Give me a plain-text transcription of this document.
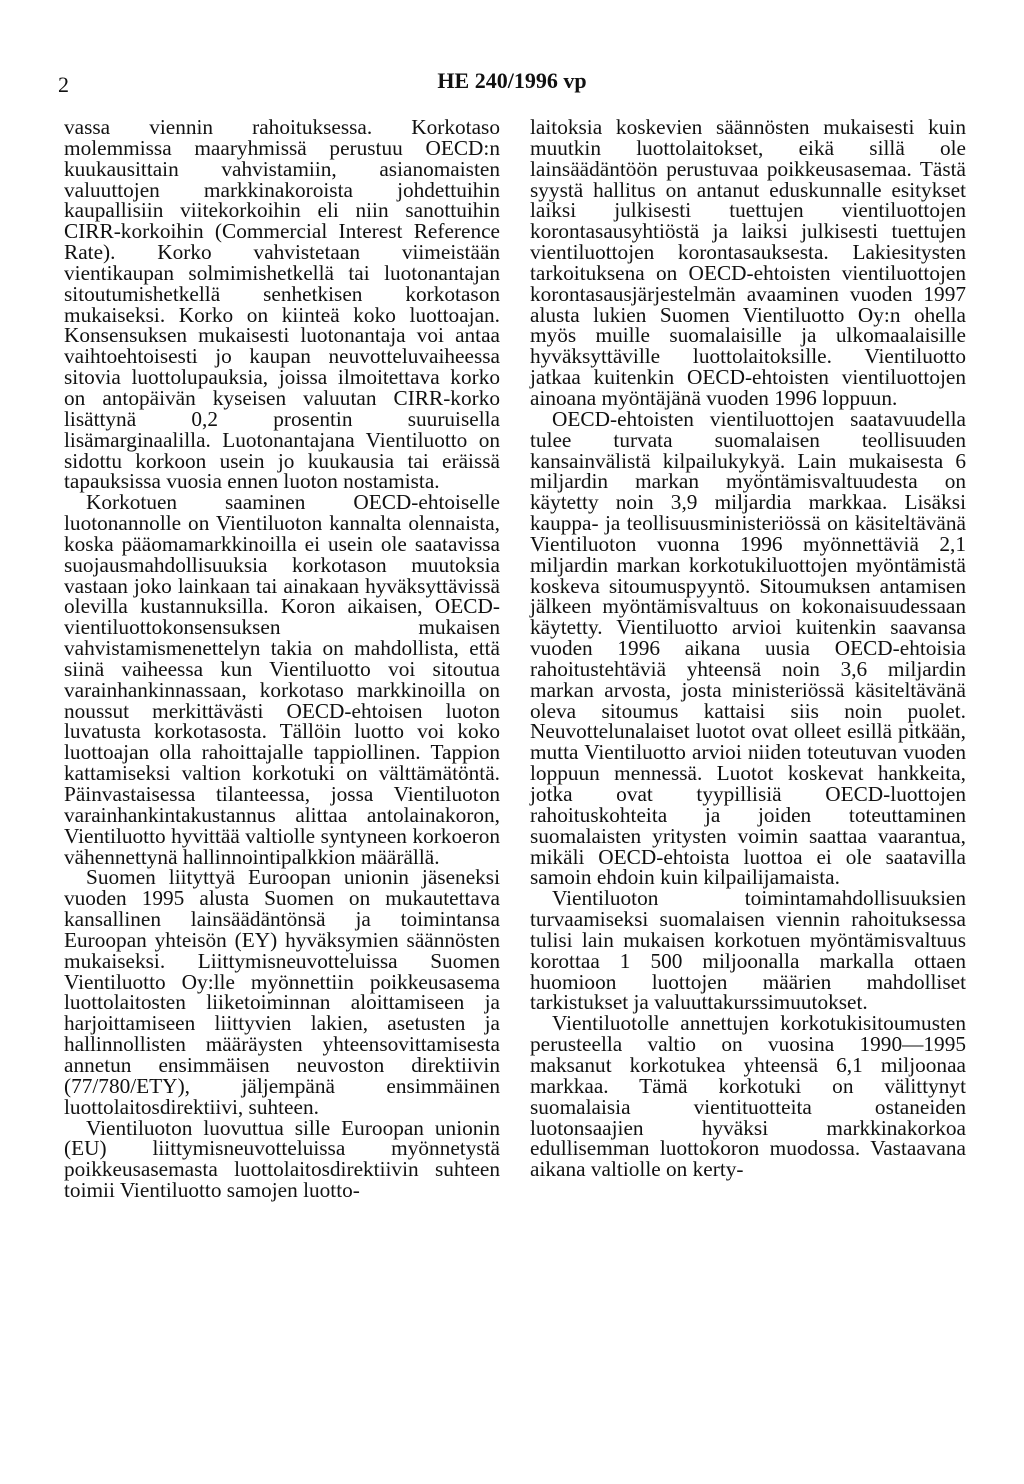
2	HE 240/1996 vp

vassa viennin rahoituksessa. Korkotaso molemmissa maaryhmissä perustuu OECD:n kuukausittain vahvistamiin, asianomaisten valuuttojen markkinakoroista johdettuihin kaupallisiin viitekorkoihin eli niin sanottuihin CIRR-korkoihin (Commercial Interest Reference Rate). Korko vahvistetaan viimeistään vientikaupan solmimishetkellä tai luotonantajan sitoutumishetkellä senhetkisen korkotason mukaiseksi. Korko on kiinteä koko luottoajan. Konsensuksen mukaisesti luotonantaja voi antaa vaihtoehtoisesti jo kaupan neuvotteluvaiheessa sitovia luottolupauksia, joissa ilmoitettava korko on antopäivän kyseisen valuutan CIRR-korko lisättynä 0,2 prosentin suuruisella lisämarginaalilla. Luotonantajana Vientiluotto on sidottu korkoon usein jo kuukausia tai eräissä tapauksissa vuosia ennen luoton nostamista.

Korkotuen saaminen OECD-ehtoiselle luotonannolle on Vientiluoton kannalta olennaista, koska pääomamarkkinoilla ei usein ole saatavissa suojausmahdollisuuksia korkotason muutoksia vastaan joko lainkaan tai ainakaan hyväksyttävissä olevilla kustannuksilla. Koron aikaisen, OECD-vientiluottokonsensuksen mukaisen vahvistamismenettelyn takia on mahdollista, että siinä vaiheessa kun Vientiluotto voi sitoutua varainhankinnassaan, korkotaso markkinoilla on noussut merkittävästi OECD-ehtoisen luoton luvatusta korkotasosta. Tällöin luotto voi koko luottoajan olla rahoittajalle tappiollinen. Tappion kattamiseksi valtion korkotuki on välttämätöntä. Päinvastaisessa tilanteessa, jossa Vientiluoton varainhankintakustannus alittaa antolainakoron, Vientiluotto hyvittää valtiolle syntyneen korkoeron vähennettynä hallinnointipalkkion määrällä.

Suomen liityttyä Euroopan unionin jäseneksi vuoden 1995 alusta Suomen on mukautettava kansallinen lainsäädäntönsä ja toimintansa Euroopan yhteisön (EY) hyväksymien säännösten mukaiseksi. Liittymisneuvotteluissa Suomen Vientiluotto Oy:lle myönnettiin poikkeusasema luottolaitosten liiketoiminnan aloittamiseen ja harjoittamiseen liittyvien lakien, asetusten ja hallinnollisten määräysten yhteensovittamisesta annetun ensimmäisen neuvoston direktiivin (77/780/ETY), jäljempänä ensimmäinen luottolaitosdirektiivi, suhteen.

Vientiluoton luovuttua sille Euroopan unionin (EU) liittymisneuvotteluissa myönnetystä poikkeusasemasta luottolaitosdirektiivin suhteen toimii Vientiluotto samojen luotto-

laitoksia koskevien säännösten mukaisesti kuin muutkin luottolaitokset, eikä sillä ole lainsäädäntöön perustuvaa poikkeusasemaa. Tästä syystä hallitus on antanut eduskunnalle esitykset laiksi julkisesti tuettujen vientiluottojen korontasausyhtiöstä ja laiksi julkisesti tuettujen vientiluottojen korontasauksesta. Lakiesitysten tarkoituksena on OECD-ehtoisten vientiluottojen korontasausjärjestelmän avaaminen vuoden 1997 alusta lukien Suomen Vientiluotto Oy:n ohella myös muille suomalaisille ja ulkomaalaisille hyväksyttäville luottolaitoksille. Vientiluotto jatkaa kuitenkin OECD-ehtoisten vientiluottojen ainoana myöntäjänä vuoden 1996 loppuun.

OECD-ehtoisten vientiluottojen saatavuudella tulee turvata suomalaisen teollisuuden kansainvälistä kilpailukykyä. Lain mukaisesta 6 miljardin markan myöntämisvaltuudesta on käytetty noin 3,9 miljardia markkaa. Lisäksi kauppa- ja teollisuusministeriössä on käsiteltävänä Vientiluoton vuonna 1996 myönnettäviä 2,1 miljardin markan korkotukiluottojen myöntämistä koskeva sitoumuspyyntö. Sitoumuksen antamisen jälkeen myöntämisvaltuus on kokonaisuudessaan käytetty. Vientiluotto arvioi kuitenkin saavansa vuoden 1996 aikana uusia OECD-ehtoisia rahoitustehtäviä yhteensä noin 3,6 miljardin markan arvosta, josta ministeriössä käsiteltävänä oleva sitoumus kattaisi siis noin puolet. Neuvottelunalaiset luotot ovat olleet esillä pitkään, mutta Vientiluotto arvioi niiden toteutuvan vuoden loppuun mennessä. Luotot koskevat hankkeita, jotka ovat tyypillisiä OECD-luottojen rahoituskohteita ja joiden toteuttaminen suomalaisten yritysten voimin saattaa vaarantua, mikäli OECD-ehtoista luottoa ei ole saatavilla samoin ehdoin kuin kilpailijamaista.

Vientiluoton toimintamahdollisuuksien turvaamiseksi suomalaisen viennin rahoituksessa tulisi lain mukaisen korkotuen myöntämisvaltuus korottaa 1 500 miljoonalla markalla ottaen huomioon luottojen määrien mahdolliset tarkistukset ja valuuttakurssimuutokset.

Vientiluotolle annettujen korkotukisitoumusten perusteella valtio on vuosina 1990—1995 maksanut korkotukea yhteensä 6,1 miljoonaa markkaa. Tämä korkotuki on välittynyt suomalaisia vientituotteita ostaneiden luotonsaajien hyväksi markkinakorkoa edullisemman luottokoron muodossa. Vastaavana aikana valtiolle on kerty-
